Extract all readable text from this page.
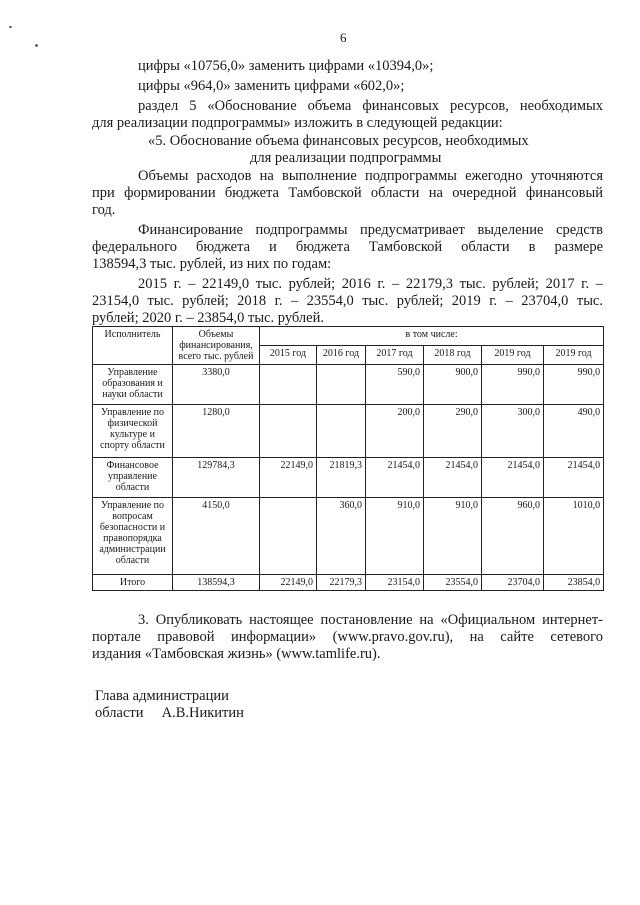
6
цифры «10756,0» заменить цифрами «10394,0»;
цифры «964,0» заменить цифрами «602,0»;
раздел 5 «Обоснование объема финансовых ресурсов, необходимых
для реализации подпрограммы» изложить в следующей редакции:
«5. Обоснование объема финансовых ресурсов, необходимых
для реализации подпрограммы
Объемы расходов на выполнение подпрограммы ежегодно уточняются
при формировании бюджета Тамбовской области на очередной финансовый
год.
Финансирование подпрограммы предусматривает выделение средств
федерального бюджета и бюджета Тамбовской области в размере
138594,3 тыс. рублей, из них по годам:
2015 г. – 22149,0 тыс. рублей; 2016 г. – 22179,3 тыс. рублей; 2017 г. –
23154,0 тыс. рублей; 2018 г. – 23554,0 тыс. рублей; 2019 г. – 23704,0 тыс.
рублей; 2020 г. – 23854,0 тыс. рублей.
Исполнитель	Объемы финансирования, всего тыс. рублей	в том числе:					
		2015 год	2016 год	2017 год	2018 год	2019 год	2019 год
Управление образования и науки области	3380,0			590,0	900,0	990,0	990,0
Управление по физической культуре и спорту области	1280,0			200,0	290,0	300,0	490,0
Финансовое управление области	129784,3	22149,0	21819,3	21454,0	21454,0	21454,0	21454,0
Управление по вопросам безопасности и правопорядка администрации области	4150,0		360,0	910,0	910,0	960,0	1010,0
Итого	138594,3	22149,0	22179,3	23154,0	23554,0	23704,0	23854,0
3. Опубликовать настоящее постановление на «Официальном интернет-
портале правовой информации» (www.pravo.gov.ru), на сайте сетевого
издания «Тамбовская жизнь» (www.tamlife.ru).
Глава администрации
области     А.В.Никитин
